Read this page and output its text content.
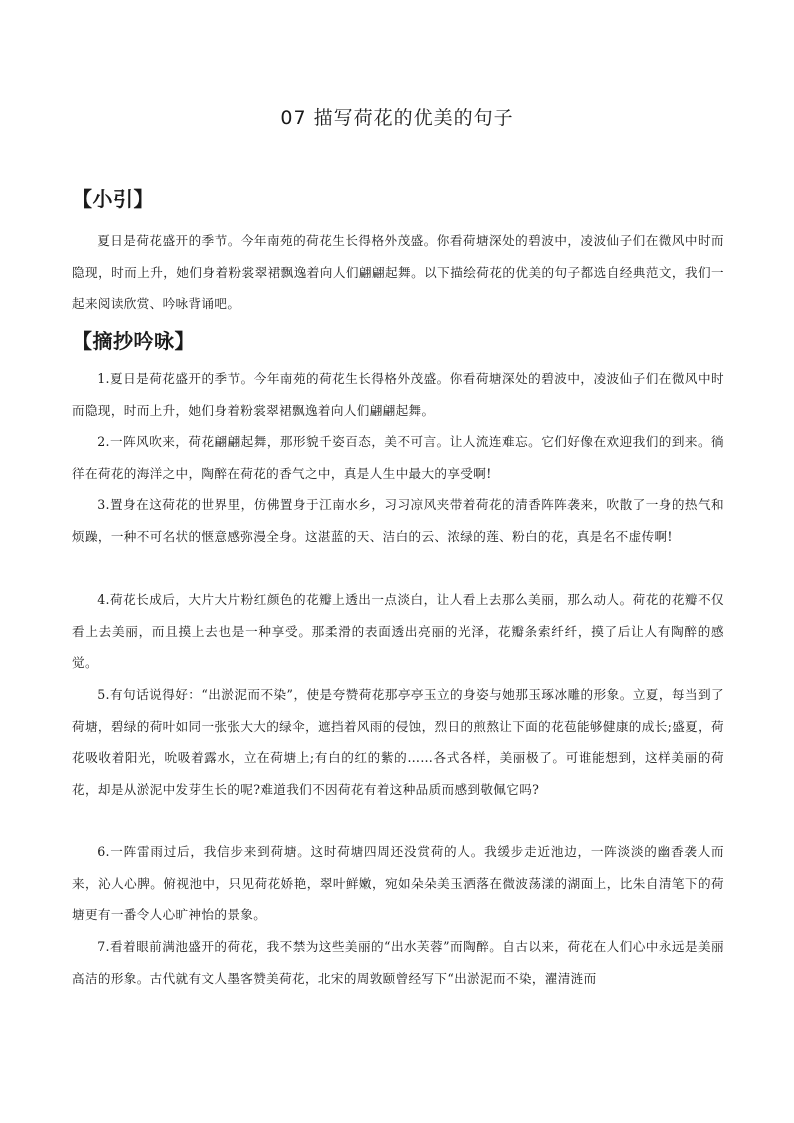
07 描写荷花的优美的句子
【小引】

夏日是荷花盛开的季节。今年南苑的荷花生长得格外茂盛。你看荷塘深处的碧波中，凌波仙子们在微风中时而隐现，时而上升，她们身着粉裳翠裙飘逸着向人们翩翩起舞。以下描绘荷花的优美的句子都选自经典范文，我们一起来阅读欣赏、吟咏背诵吧。

【摘抄吟咏】

1.夏日是荷花盛开的季节。今年南苑的荷花生长得格外茂盛。你看荷塘深处的碧波中，凌波仙子们在微风中时而隐现，时而上升，她们身着粉裳翠裙飘逸着向人们翩翩起舞。

2.一阵风吹来，荷花翩翩起舞，那形貌千姿百态，美不可言。让人流连难忘。它们好像在欢迎我们的到来。徜徉在荷花的海洋之中，陶醉在荷花的香气之中，真是人生中最大的享受啊!

3.置身在这荷花的世界里，仿佛置身于江南水乡，习习凉风夹带着荷花的清香阵阵袭来，吹散了一身的热气和烦躁，一种不可名状的惬意感弥漫全身。这湛蓝的天、洁白的云、浓绿的莲、粉白的花，真是名不虚传啊!

4.荷花长成后，大片大片粉红颜色的花瓣上透出一点淡白，让人看上去那么美丽，那么动人。荷花的花瓣不仅看上去美丽，而且摸上去也是一种享受。那柔滑的表面透出亮丽的光泽，花瓣条索纤纤，摸了后让人有陶醉的感觉。

5.有句话说得好：“出淤泥而不染”，使是夸赞荷花那亭亭玉立的身姿与她那玉琢冰雕的形象。立夏，每当到了荷塘，碧绿的荷叶如同一张张大大的绿伞，遮挡着风雨的侵蚀，烈日的煎熬让下面的花苞能够健康的成长;盛夏，荷花吸收着阳光，吮吸着露水，立在荷塘上;有白的红的紫的……各式各样，美丽极了。可谁能想到，这样美丽的荷花，却是从淤泥中发芽生长的呢?难道我们不因荷花有着这种品质而感到敬佩它吗?

6.一阵雷雨过后，我信步来到荷塘。这时荷塘四周还没赏荷的人。我缓步走近池边，一阵淡淡的幽香袭人而来，沁人心脾。俯视池中，只见荷花娇艳，翠叶鲜嫩，宛如朵朵美玉洒落在微波荡漾的湖面上，比朱自清笔下的荷塘更有一番令人心旷神怡的景象。

7.看着眼前满池盛开的荷花，我不禁为这些美丽的“出水芙蓉”而陶醉。自古以来，荷花在人们心中永远是美丽高洁的形象。古代就有文人墨客赞美荷花，北宋的周敦颐曾经写下“出淤泥而不染，濯清涟而
